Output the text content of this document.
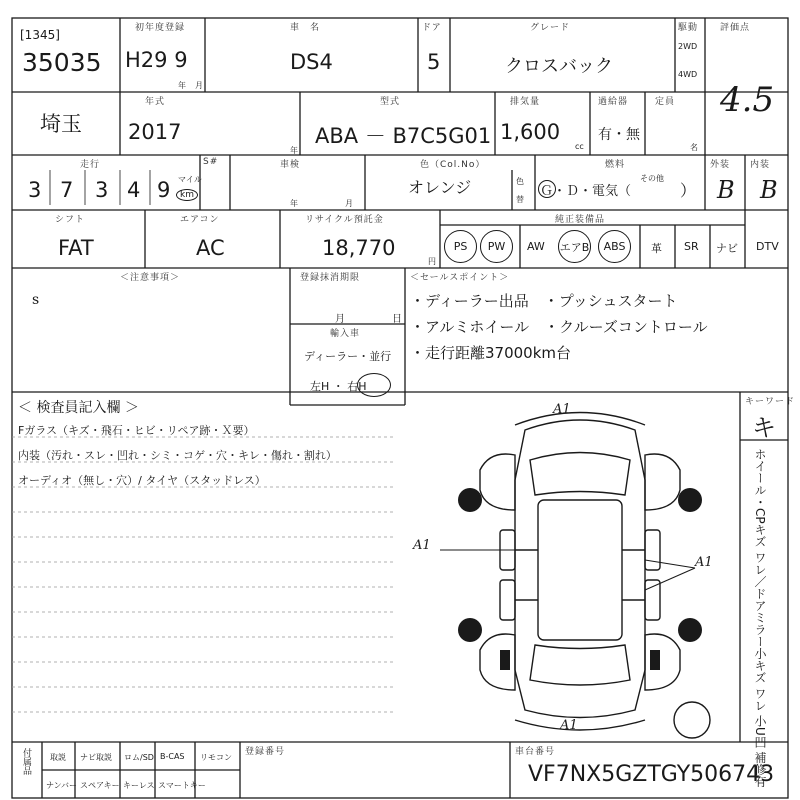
[1345]
35035
初年度登録
H29 9
年 月
車　名
DS4
ドア
5
グレード
クロスバック
駆動
2WD
4WD
評価点
4.5
埼玉
年式
2017
年
型式
ABA － B7C5G01
排気量
1,600
cc
過給器
有・無
定員
名
走行
3 7 3 4 9 マイル
km
S#	車検
年	月
色（Col.No）
オレンジ	色
替
燃料
Ｇ・Ｄ・電気（
その他
）
外装 内装
B B
シフト
FAT
エアコン
AC
リサイクル預託金
18,770
円
純正装備品
PS	PW	AW エアB	ABS	革 SR ナビ DTV
＜注意事項＞
s
登録抹消期限
月	日
輸入車
ディーラー・並行
左H ・ 右H
＜セールスポイント＞
・ディーラー出品　・プッシュスタート
・アルミホイール　・クルーズコントロール
・走行距離37000km台
＜ 検査員記入欄 ＞
Fガラス（キズ・飛石・ヒビ・リペア跡・Ｘ要）
内装（汚れ・スレ・凹れ・シミ・コゲ・穴・キレ・傷れ・割れ）
オーディオ（無し・穴）/ タイヤ（スタッドレス）
キーワード
キ
ホイール・CPキズ ワレ／ドアミラー小キズ ワレ 小U凹 補修有
A1
A1
A1
A1
付属品 取説 ナビ取説 ロム/SD B-CAS リモコン
ナンバー スペアキー キーレス スマートキー
登録番号	車台番号
VF7NX5GZTGY506743
